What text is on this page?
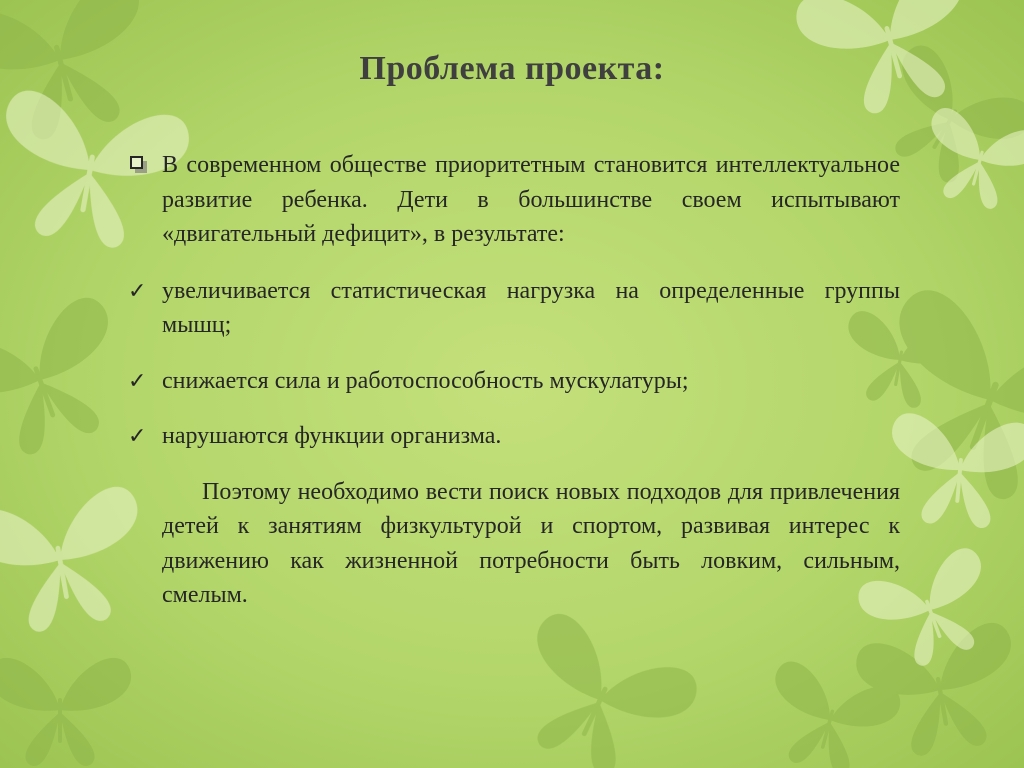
Проблема проекта:
В современном обществе приоритетным становится интеллектуальное развитие ребенка. Дети в большинстве своем испытывают «двигательный дефицит», в результате:
✓ увеличивается статистическая нагрузка на определенные группы мышц;
✓ снижается сила и работоспособность мускулатуры;
✓ нарушаются функции организма.
Поэтому необходимо вести поиск новых подходов для привлечения детей к занятиям физкультурой и спортом, развивая интерес к движению как жизненной потребности быть ловким, сильным, смелым.
